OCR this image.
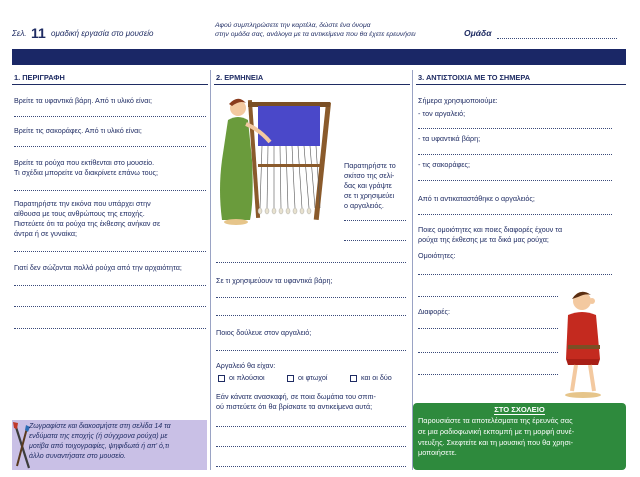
Σελ. 11 ομαδική εργασία στο μουσείο
Αφού συμπληρώσετε την καρτέλα, δώστε ένα όνομα
στην ομάδα σας, ανάλογα με τα αντικείμενα που θα έχετε ερευνήσει	Ομάδα
1. ΠΕΡΙΓΡΑΦΗ	2. ΕΡΜΗΝΕΙΑ	3. ΑΝΤΙΣΤΟΙΧΙΑ ΜΕ ΤΟ ΣΗΜΕΡΑ
Βρείτε τα υφαντικά βάρη. Από τι υλικό είναι;
Βρείτε τις σακοράφες. Από τι υλικό είναι;
Βρείτε τα ρούχα που εκτίθενται στο μουσείο.
Τι σχέδια μπορείτε να διακρίνετε επάνω τους;
Παρατηρήστε την εικόνα που υπάρχει στην
αίθουσα με τους ανθρώπους της εποχής.
Πιστεύετε ότι τα ρούχα της έκθεσης ανήκαν σε
άντρα ή σε γυναίκα;
Γιατί δεν σώζονται πολλά ρούχα από την αρχαιότητα;
Ζωγραφίστε και διακοσμήστε στη σελίδα 14 τα
ενδύματα της εποχής (ή σύγχρονα ρούχα) με
μοτίβα από τοιχογραφίες, ψηφιδωτά ή απ' ό,τι
άλλο συναντήσατε στο μουσείο.
Παρατηρήστε το
σκίτσο της σελί-
δας και γράψτε
σε τι χρησιμεύει
ο αργαλειός.
Σε τι χρησιμεύουν τα υφαντικά βάρη;
Ποιος δούλευε στον αργαλειό;
Αργαλειό θα είχαν:
οι πλούσιοι	οι φτωχοί	και οι δύο
Εάν κάνατε ανασκαφή, σε ποια δωμάτια του σπιτι-
ού πιστεύετε ότι θα βρίσκατε τα αντικείμενα αυτά;
Σήμερα χρησιμοποιούμε:
- τον αργαλειό;
- τα υφαντικά βάρη;
- τις σακοράφες;
Από τι αντικαταστάθηκε ο αργαλειός;
Ποιες ομοιότητες και ποιες διαφορές έχουν τα
ρούχα της έκθεσης με τα δικά μας ρούχα;
Ομοιότητες:
Διαφορές:
ΣΤΟ ΣΧΟΛΕΙΟ
Παρουσιάστε τα αποτελέσματα της έρευνάς σας
σε μια ραδιοφωνική εκπομπή με τη μορφή συνέ-
ντευξης. Σκεφτείτε και τη μουσική που θα χρησι-
μοποιήσετε.
